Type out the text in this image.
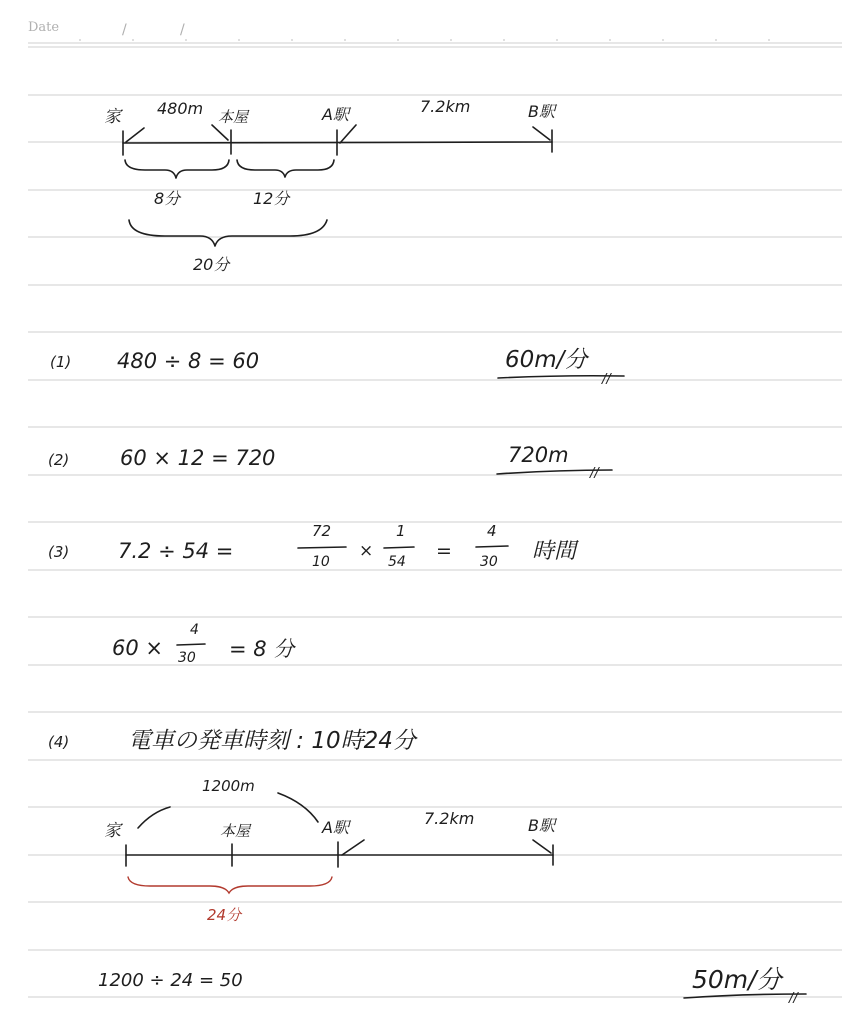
Date	/	/
家 480m 本屋	A駅	7.2km	B駅
8分	12分
20分
(1) 480 ÷ 8 = 60	60m/分
//
(2) 60 × 12 = 720	720m
//
(3) 7.2 ÷ 54 =
72
10
×
1
54 =
4
30 時間
60 ×
4
30 = 8 分
(4)	電車の発車時刻 : 10時24分
1200m
家	本屋	A駅	7.2km	B駅
24分
1200 ÷ 24 = 50	50m/分
//
